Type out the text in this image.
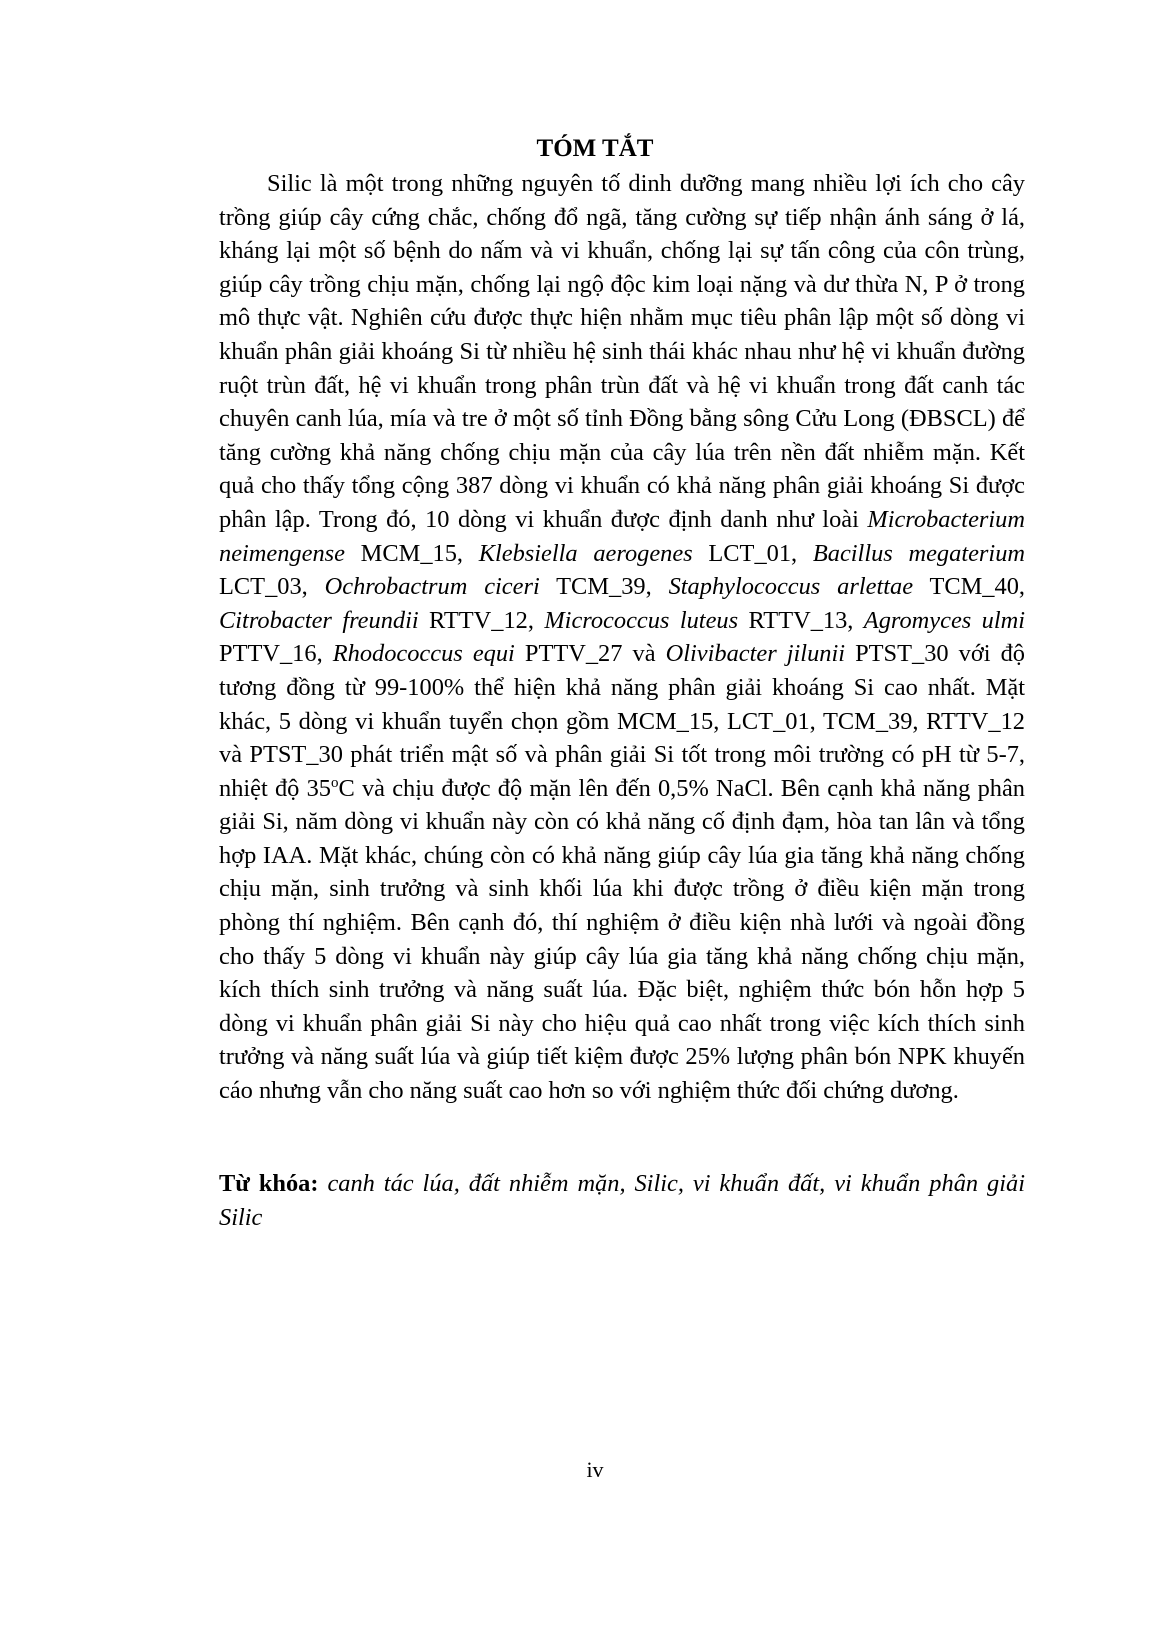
TÓM TẮT

Silic là một trong những nguyên tố dinh dưỡng mang nhiều lợi ích cho cây trồng giúp cây cứng chắc, chống đổ ngã, tăng cường sự tiếp nhận ánh sáng ở lá, kháng lại một số bệnh do nấm và vi khuẩn, chống lại sự tấn công của côn trùng, giúp cây trồng chịu mặn, chống lại ngộ độc kim loại nặng và dư thừa N, P ở trong mô thực vật. Nghiên cứu được thực hiện nhằm mục tiêu phân lập một số dòng vi khuẩn phân giải khoáng Si từ nhiều hệ sinh thái khác nhau như hệ vi khuẩn đường ruột trùn đất, hệ vi khuẩn trong phân trùn đất và hệ vi khuẩn trong đất canh tác chuyên canh lúa, mía và tre ở một số tỉnh Đồng bằng sông Cửu Long (ĐBSCL) để tăng cường khả năng chống chịu mặn của cây lúa trên nền đất nhiễm mặn. Kết quả cho thấy tổng cộng 387 dòng vi khuẩn có khả năng phân giải khoáng Si được phân lập. Trong đó, 10 dòng vi khuẩn được định danh như loài Microbacterium neimengense MCM_15, Klebsiella aerogenes LCT_01, Bacillus megaterium LCT_03, Ochrobactrum ciceri TCM_39, Staphylococcus arlettae TCM_40, Citrobacter freundii RTTV_12, Micrococcus luteus RTTV_13, Agromyces ulmi PTTV_16, Rhodococcus equi PTTV_27 và Olivibacter jilunii PTST_30 với độ tương đồng từ 99-100% thể hiện khả năng phân giải khoáng Si cao nhất. Mặt khác, 5 dòng vi khuẩn tuyển chọn gồm MCM_15, LCT_01, TCM_39, RTTV_12 và PTST_30 phát triển mật số và phân giải Si tốt trong môi trường có pH từ 5-7, nhiệt độ 35$^o$C và chịu được độ mặn lên đến 0,5% NaCl. Bên cạnh khả năng phân giải Si, năm dòng vi khuẩn này còn có khả năng cố định đạm, hòa tan lân và tổng hợp IAA. Mặt khác, chúng còn có khả năng giúp cây lúa gia tăng khả năng chống chịu mặn, sinh trưởng và sinh khối lúa khi được trồng ở điều kiện mặn trong phòng thí nghiệm. Bên cạnh đó, thí nghiệm ở điều kiện nhà lưới và ngoài đồng cho thấy 5 dòng vi khuẩn này giúp cây lúa gia tăng khả năng chống chịu mặn, kích thích sinh trưởng và năng suất lúa. Đặc biệt, nghiệm thức bón hỗn hợp 5 dòng vi khuẩn phân giải Si này cho hiệu quả cao nhất trong việc kích thích sinh trưởng và năng suất lúa và giúp tiết kiệm được 25% lượng phân bón NPK khuyến cáo nhưng vẫn cho năng suất cao hơn so với nghiệm thức đối chứng dương.

Từ khóa: canh tác lúa, đất nhiễm mặn, Silic, vi khuẩn đất, vi khuẩn phân giải Silic

iv
